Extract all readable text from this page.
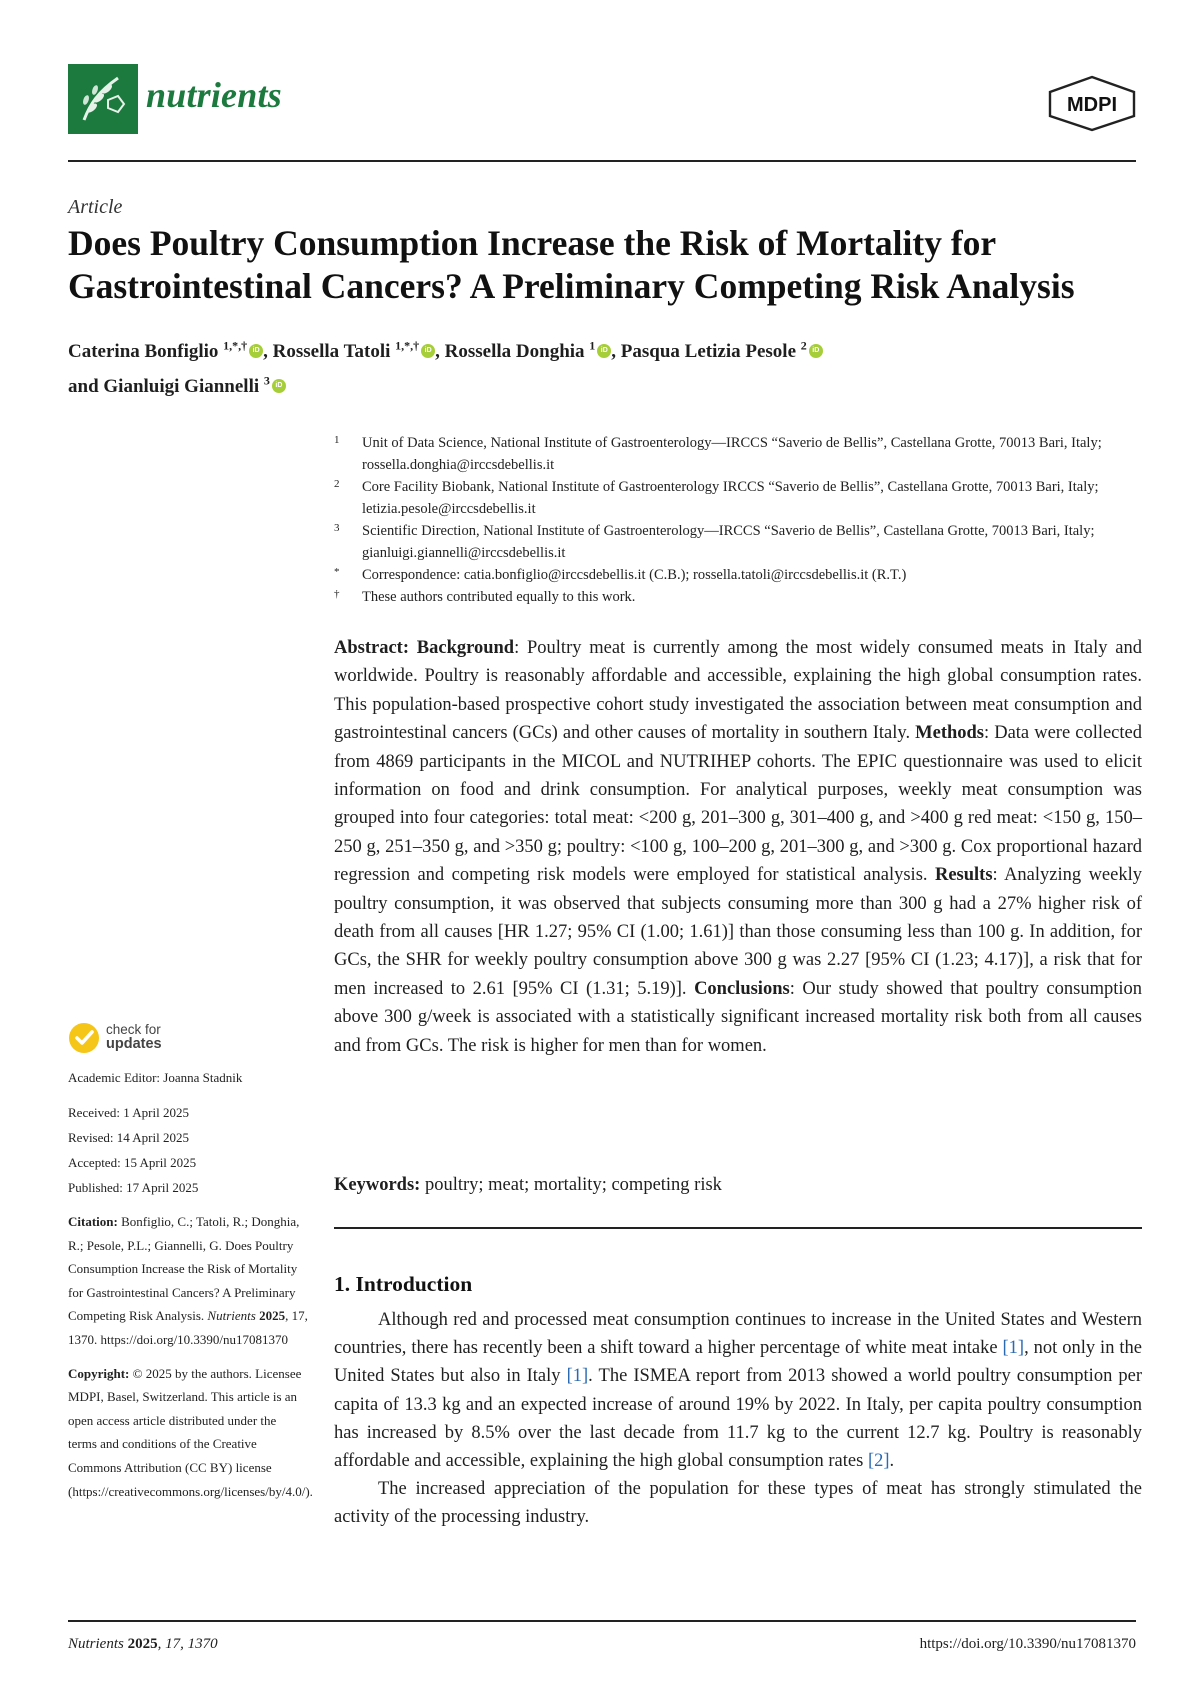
nutrients	MDPI
Article
Does Poultry Consumption Increase the Risk of Mortality for
Gastrointestinal Cancers? A Preliminary Competing Risk Analysis
Caterina Bonfiglio $^{1,*,\dagger}$ iD , Rossella Tatoli $^{1,*,\dagger}$ iD , Rossella Donghia $^1$ iD , Pasqua Letizia Pesole $^2$ iD
and Gianluigi Giannelli $^3$ iD
1 Unit of Data Science, National Institute of Gastroenterology—IRCCS “Saverio de Bellis”, Castellana Grotte, 70013 Bari, Italy; rossella.donghia@irccsdebellis.it
2 Core Facility Biobank, National Institute of Gastroenterology IRCCS “Saverio de Bellis”, Castellana Grotte, 70013 Bari, Italy; letizia.pesole@irccsdebellis.it
3 Scientific Direction, National Institute of Gastroenterology—IRCCS “Saverio de Bellis”, Castellana Grotte, 70013 Bari, Italy; gianluigi.giannelli@irccsdebellis.it
* Correspondence: catia.bonfiglio@irccsdebellis.it (C.B.); rossella.tatoli@irccsdebellis.it (R.T.)
† These authors contributed equally to this work.
Abstract: Background: Poultry meat is currently among the most widely consumed meats in Italy and worldwide. Poultry is reasonably affordable and accessible, explaining the high global consumption rates. This population-based prospective cohort study investigated the association between meat consumption and gastrointestinal cancers (GCs) and other causes of mortality in southern Italy. Methods: Data were collected from 4869 participants in the MICOL and NUTRIHEP cohorts. The EPIC questionnaire was used to elicit information on food and drink consumption. For analytical purposes, weekly meat consumption was grouped into four categories: total meat: <200 g, 201–300 g, 301–400 g, and >400 g red meat: <150 g, 150–250 g, 251–350 g, and >350 g; poultry: <100 g, 100–200 g, 201–300 g, and >300 g. Cox proportional hazard regression and competing risk models were employed for statistical analysis. Results: Analyzing weekly poultry consumption, it was observed that subjects consuming more than 300 g had a 27% higher risk of death from all causes [HR 1.27; 95% CI (1.00; 1.61)] than those consuming less than 100 g. In addition, for GCs, the SHR for weekly poultry consumption above 300 g was 2.27 [95% CI (1.23; 4.17)], a risk that for men increased to 2.61 [95% CI (1.31; 5.19)]. Conclusions: Our study showed that poultry consumption above 300 g/week is associated with a statistically significant increased mortality risk both from all causes and from GCs. The risk is higher for men than for women.
Keywords: poultry; meat; mortality; competing risk
1. Introduction

Although red and processed meat consumption continues to increase in the United States and Western countries, there has recently been a shift toward a higher percentage of white meat intake [1], not only in the United States but also in Italy [1]. The ISMEA report from 2013 showed a world poultry consumption per capita of 13.3 kg and an expected increase of around 19% by 2022. In Italy, per capita poultry consumption has increased by 8.5% over the last decade from 11.7 kg to the current 12.7 kg. Poultry is reasonably affordable and accessible, explaining the high global consumption rates [2].

The increased appreciation of the population for these types of meat has strongly stimulated the activity of the processing industry.

check for
updates
Academic Editor: Joanna Stadnik
Received: 1 April 2025
Revised: 14 April 2025
Accepted: 15 April 2025
Published: 17 April 2025
Citation: Bonfiglio, C.; Tatoli, R.; Donghia, R.; Pesole, P.L.; Giannelli, G. Does Poultry Consumption Increase the Risk of Mortality for Gastrointestinal Cancers? A Preliminary Competing Risk Analysis. Nutrients 2025, 17, 1370. https://doi.org/10.3390/nu17081370
Copyright: © 2025 by the authors. Licensee MDPI, Basel, Switzerland. This article is an open access article distributed under the terms and conditions of the Creative Commons Attribution (CC BY) license (https://creativecommons.org/licenses/by/4.0/).
Nutrients 2025, 17, 1370	https://doi.org/10.3390/nu17081370
